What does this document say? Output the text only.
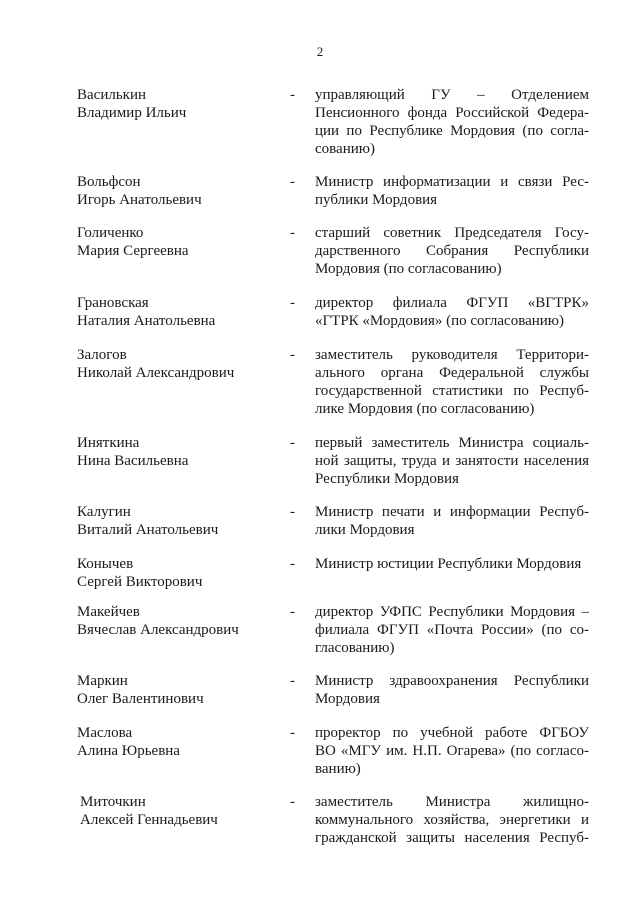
2
Василькин
Владимир Ильич
- управляющий ГУ – Отделением
Пенсионного фонда Российской Федера-
ции по Республике Мордовия (по согла-
сованию)
Вольфсон
Игорь Анатольевич
- Министр информатизации и связи Рес-
публики Мордовия
Голиченко
Мария Сергеевна
- старший советник Председателя Госу-
дарственного Собрания Республики
Мордовия (по согласованию)
Грановская
Наталия Анатольевна
- директор филиала ФГУП «ВГТРК»
«ГТРК «Мордовия» (по согласованию)
Залогов
Николай Александрович
- заместитель руководителя Территори-
ального органа Федеральной службы
государственной статистики по Респуб-
лике Мордовия (по согласованию)
Иняткина
Нина Васильевна
- первый заместитель Министра социаль-
ной защиты, труда и занятости населения
Республики Мордовия
Калугин
Виталий Анатольевич
- Министр печати и информации Респуб-
лики Мордовия
Конычев
Сергей Викторович
- Министр юстиции Республики Мордовия
Макейчев
Вячеслав Александрович
- директор УФПС Республики Мордовия –
филиала ФГУП «Почта России» (по со-
гласованию)
Маркин
Олег Валентинович
- Министр здравоохранения Республики
Мордовия
Маслова
Алина Юрьевна
- проректор по учебной работе ФГБОУ
ВО «МГУ им. Н.П. Огарева» (по согласо-
ванию)
Миточкин
Алексей Геннадьевич
- заместитель Министра жилищно-
коммунального хозяйства, энергетики и
гражданской защиты населения Респуб-
